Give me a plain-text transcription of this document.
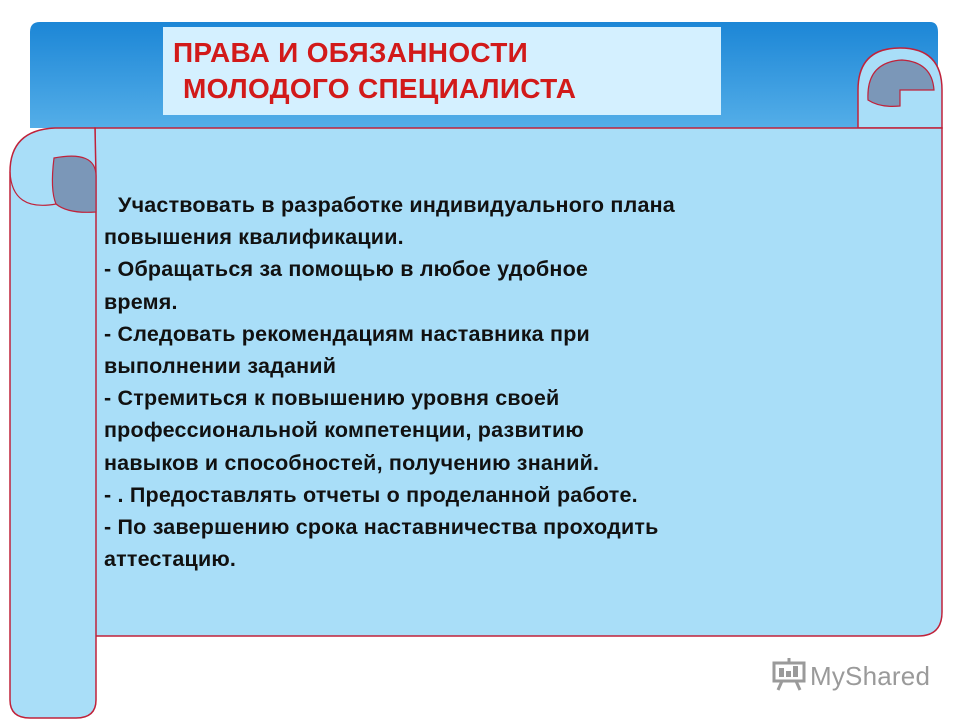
ПРАВА И ОБЯЗАННОСТИ
МОЛОДОГО СПЕЦИАЛИСТА
Участвовать в разработке индивидуального плана
повышения квалификации.
- Обращаться за помощью в любое удобное
время.
- Следовать рекомендациям наставника при
выполнении заданий
- Стремиться к повышению уровня своей
профессиональной компетенции, развитию
навыков и способностей, получению знаний.
- . Предоставлять отчеты о проделанной работе.
- По завершению срока наставничества проходить
аттестацию.
MyShared
